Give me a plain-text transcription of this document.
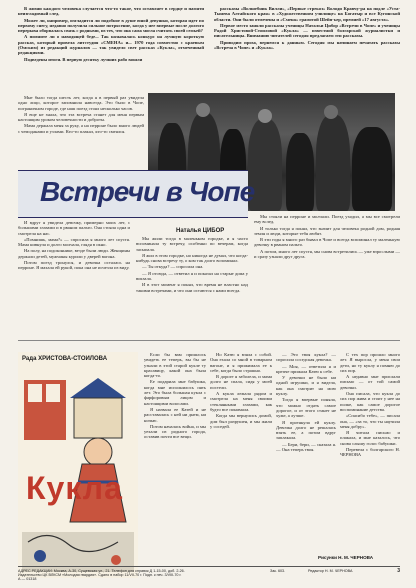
В жизни каждого человека случается что-то такое, что оставляет в сердце и памяти неизгладимый след.

Может ли, например, изгладится ли подобное в душе юной девушки, которая идет по первому снегу, недавно получила сильное потрясение, когда у нее впервые после долгого перерыва оборвалась связь с родными, из тех, что она сама могла считать своей семьей?

А помните ли о наводящей беде... Так называлась конкурс на лучшую короткую рассказ, который провела литстудия «СМЕНА» и... 1970 года совместно с краевым (Омским) из редакций журналов — так увидело свет рассказ «Кукла», отмеченный редакциями.

Подведены итоги. В первую десятку лучших рабо вошли

рассказы «Волшебник Вилли», «Первые стрекоз» Володи Кравчу-ра на подле «Уста-Тынева Алтайского края» в «Художественном училище» на Богатыр и все Кугинской области. Они были отмечены и «Смена» грамотой Шейп-ьер, премией «17 августа».

Первое место заняли рассказы ученицы Натальи Цибор «Встречи в Чопе» и ученицы Радой Христовой-Стоиловой «Кукла» — известной болгарской журналистки и писательницы. Вниманию читателей сегодня предлагаем эти рассказы.

Приводим проза, вернемся к данным. Сегодня мы начинаем печатать рассказы «Встреча в Чопе» и «Кукла».

Мне было тогда шесть лет, когда я в первый раз увидела одно лицо, которое запомнила навсегда. Это было в Чопе, пограничном городе, где наш поезд стоял несколько часов.

Я еще не знала, что эта встреча станет для меня первым настоящим уроком человечности и доброты.

Мама держала меня за руку, а на перроне было много людей с чемоданами и узлами. Кто-то плакал, кто-то смеялся.

Встречи в Чопе

Мы стояли на перроне и молчали. Поезд уходил, а мы все смотрели ему вслед.

И только тогда я понял, что значит для человека родной дом, родная земля и люди, которые тебя любят.

В эти годы я много раз бывал в Чопе и всегда вспоминал ту маленькую девочку в рваном пальто.

А потом, много лет спустя, мы снова встретились — уже взрослыми — и сразу узнали друг друга.

Наталья ЦИБОР

И вдруг я увидела девочку, примерно моих лет, с большими глазами и в рваном пальто. Она стояла одна и смотрела на нас.

«Помнишь, мама?» — спросила я много лет спустя. Мама кивнула и долго молчала, глядя в окно.

На полу, на подоконнике, везде были люди. Женщины держали детей, мужчины курили у дверей вагона.

Потом поезд тронулся, и девочка осталась на перроне. Я махала ей рукой, пока она не исчезла из виду.

Мы жили тогда в маленьком городке, и я часто вспоминала ту встречу, особенно по вечерам, когда засыпала.

Я жил в этом городке, но никогда не думал, что когда-нибудь снова встречу ту, о ком так долго вспоминал.

— Ты откуда? — спросила она.

— Я отсюда, — ответил я и показал на старые дома у вокзала.

И в этот момент я понял, что время не властно над такими встречами, и что они остаются с нами всегда.

Рада ХРИСТОВА-СТОИЛОВА
Кукла

Если бы вам пришлось увидеть ее теперь, вы бы не узнали в этой старой кукле ту красавицу, какой она была когда-то.

Ее подарила мне бабушка, когда мне исполнилось пять лет. Это была большая кукла с фарфоровым лицом и настоящими волосами.

Я назвала ее Катей и не расставалась с ней ни днем, ни ночью.

Потом началась война, и мы уехали из родного города, оставив почти все вещи.

Но Катю я взяла с собой. Она ехала со мной в товарном вагоне, и я прижимала ее к себе, когда было страшно.

В дороге я заболела, и мама долго не спала, сидя у моей постели.

А кукла лежала рядом и смотрела на меня своими стеклянными глазами, как будто все понимала.

Когда мы вернулись домой, дом был разрушен, и мы жили у соседей.

— Это твоя кукла? — спросила соседская девочка.

— Моя, — ответила я и крепче прижала Катю к себе.

У девочки не было ни одной игрушки, и я видела, как она смотрит на мою куклу.

Тогда я впервые поняла, что можно отдать самое дорогое, и от этого станет не хуже, а лучше.

Я протянула ей куклу. Девочка долго не решалась взять ее, а потом вдруг заплакала.

— Бери, бери, — сказала я. — Она теперь твоя.

С тех пор прошло много лет. Я выросла, у меня свои дети, но ту куклу я помню до сих пор.

А недавно мне прислали письмо — от той самой девочки.

Она писала, что кукла до сих пор жива и стоит у нее на полке, как самое дорогое воспоминание детства.

«Спасибо тебе», — писала она, — «за то, что ты научила меня добру».

Я читала письмо и плакала, и мне казалось, что снова слышу голос бабушки.

Перевела с болгарского Н. ЧЕРНОВА

Рисунки Н. М. ЧЕРНОВА
АДРЕС РЕДАКЦИИ: Москва, А-30, Сущевская ул., 21. Телефон для справок Д 1-15-00, доб. 2-26.
Издательство ЦК ВЛКСМ «Молодая гвардия». Сдано в набор 11/VII-70 г. Подп. к печ. 3/VIII-70 г.
Зак. 603.	Редактор Н. М. ЧЕРНОВА	3
А — 01318
